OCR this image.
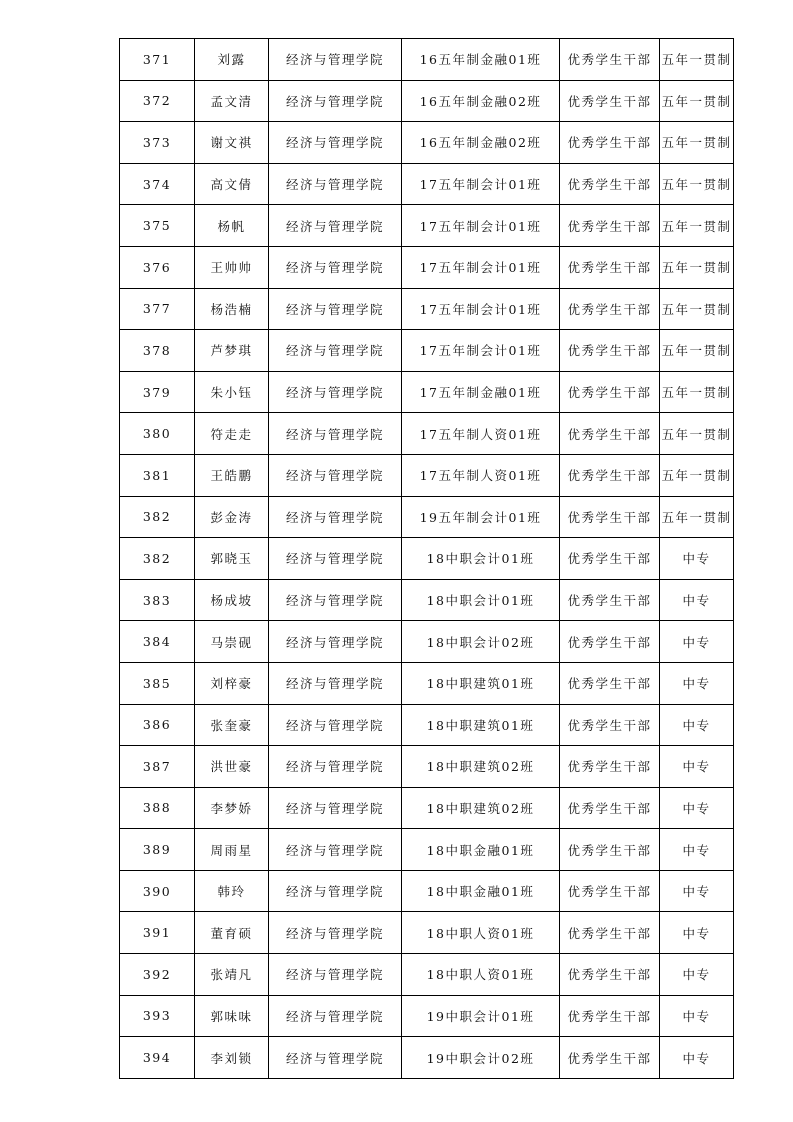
371	刘露	经济与管理学院	16五年制金融01班	优秀学生干部	五年一贯制
372	孟文清	经济与管理学院	16五年制金融02班	优秀学生干部	五年一贯制
373	谢文祺	经济与管理学院	16五年制金融02班	优秀学生干部	五年一贯制
374	高文倩	经济与管理学院	17五年制会计01班	优秀学生干部	五年一贯制
375	杨帆	经济与管理学院	17五年制会计01班	优秀学生干部	五年一贯制
376	王帅帅	经济与管理学院	17五年制会计01班	优秀学生干部	五年一贯制
377	杨浩楠	经济与管理学院	17五年制会计01班	优秀学生干部	五年一贯制
378	芦梦琪	经济与管理学院	17五年制会计01班	优秀学生干部	五年一贯制
379	朱小钰	经济与管理学院	17五年制金融01班	优秀学生干部	五年一贯制
380	符走走	经济与管理学院	17五年制人资01班	优秀学生干部	五年一贯制
381	王皓鹏	经济与管理学院	17五年制人资01班	优秀学生干部	五年一贯制
382	彭金涛	经济与管理学院	19五年制会计01班	优秀学生干部	五年一贯制
382	郭晓玉	经济与管理学院	18中职会计01班	优秀学生干部	中专
383	杨成坡	经济与管理学院	18中职会计01班	优秀学生干部	中专
384	马崇砚	经济与管理学院	18中职会计02班	优秀学生干部	中专
385	刘梓豪	经济与管理学院	18中职建筑01班	优秀学生干部	中专
386	张奎豪	经济与管理学院	18中职建筑01班	优秀学生干部	中专
387	洪世豪	经济与管理学院	18中职建筑02班	优秀学生干部	中专
388	李梦娇	经济与管理学院	18中职建筑02班	优秀学生干部	中专
389	周雨星	经济与管理学院	18中职金融01班	优秀学生干部	中专
390	韩玲	经济与管理学院	18中职金融01班	优秀学生干部	中专
391	董育硕	经济与管理学院	18中职人资01班	优秀学生干部	中专
392	张靖凡	经济与管理学院	18中职人资01班	优秀学生干部	中专
393	郭味味	经济与管理学院	19中职会计01班	优秀学生干部	中专
394	李刘锁	经济与管理学院	19中职会计02班	优秀学生干部	中专
